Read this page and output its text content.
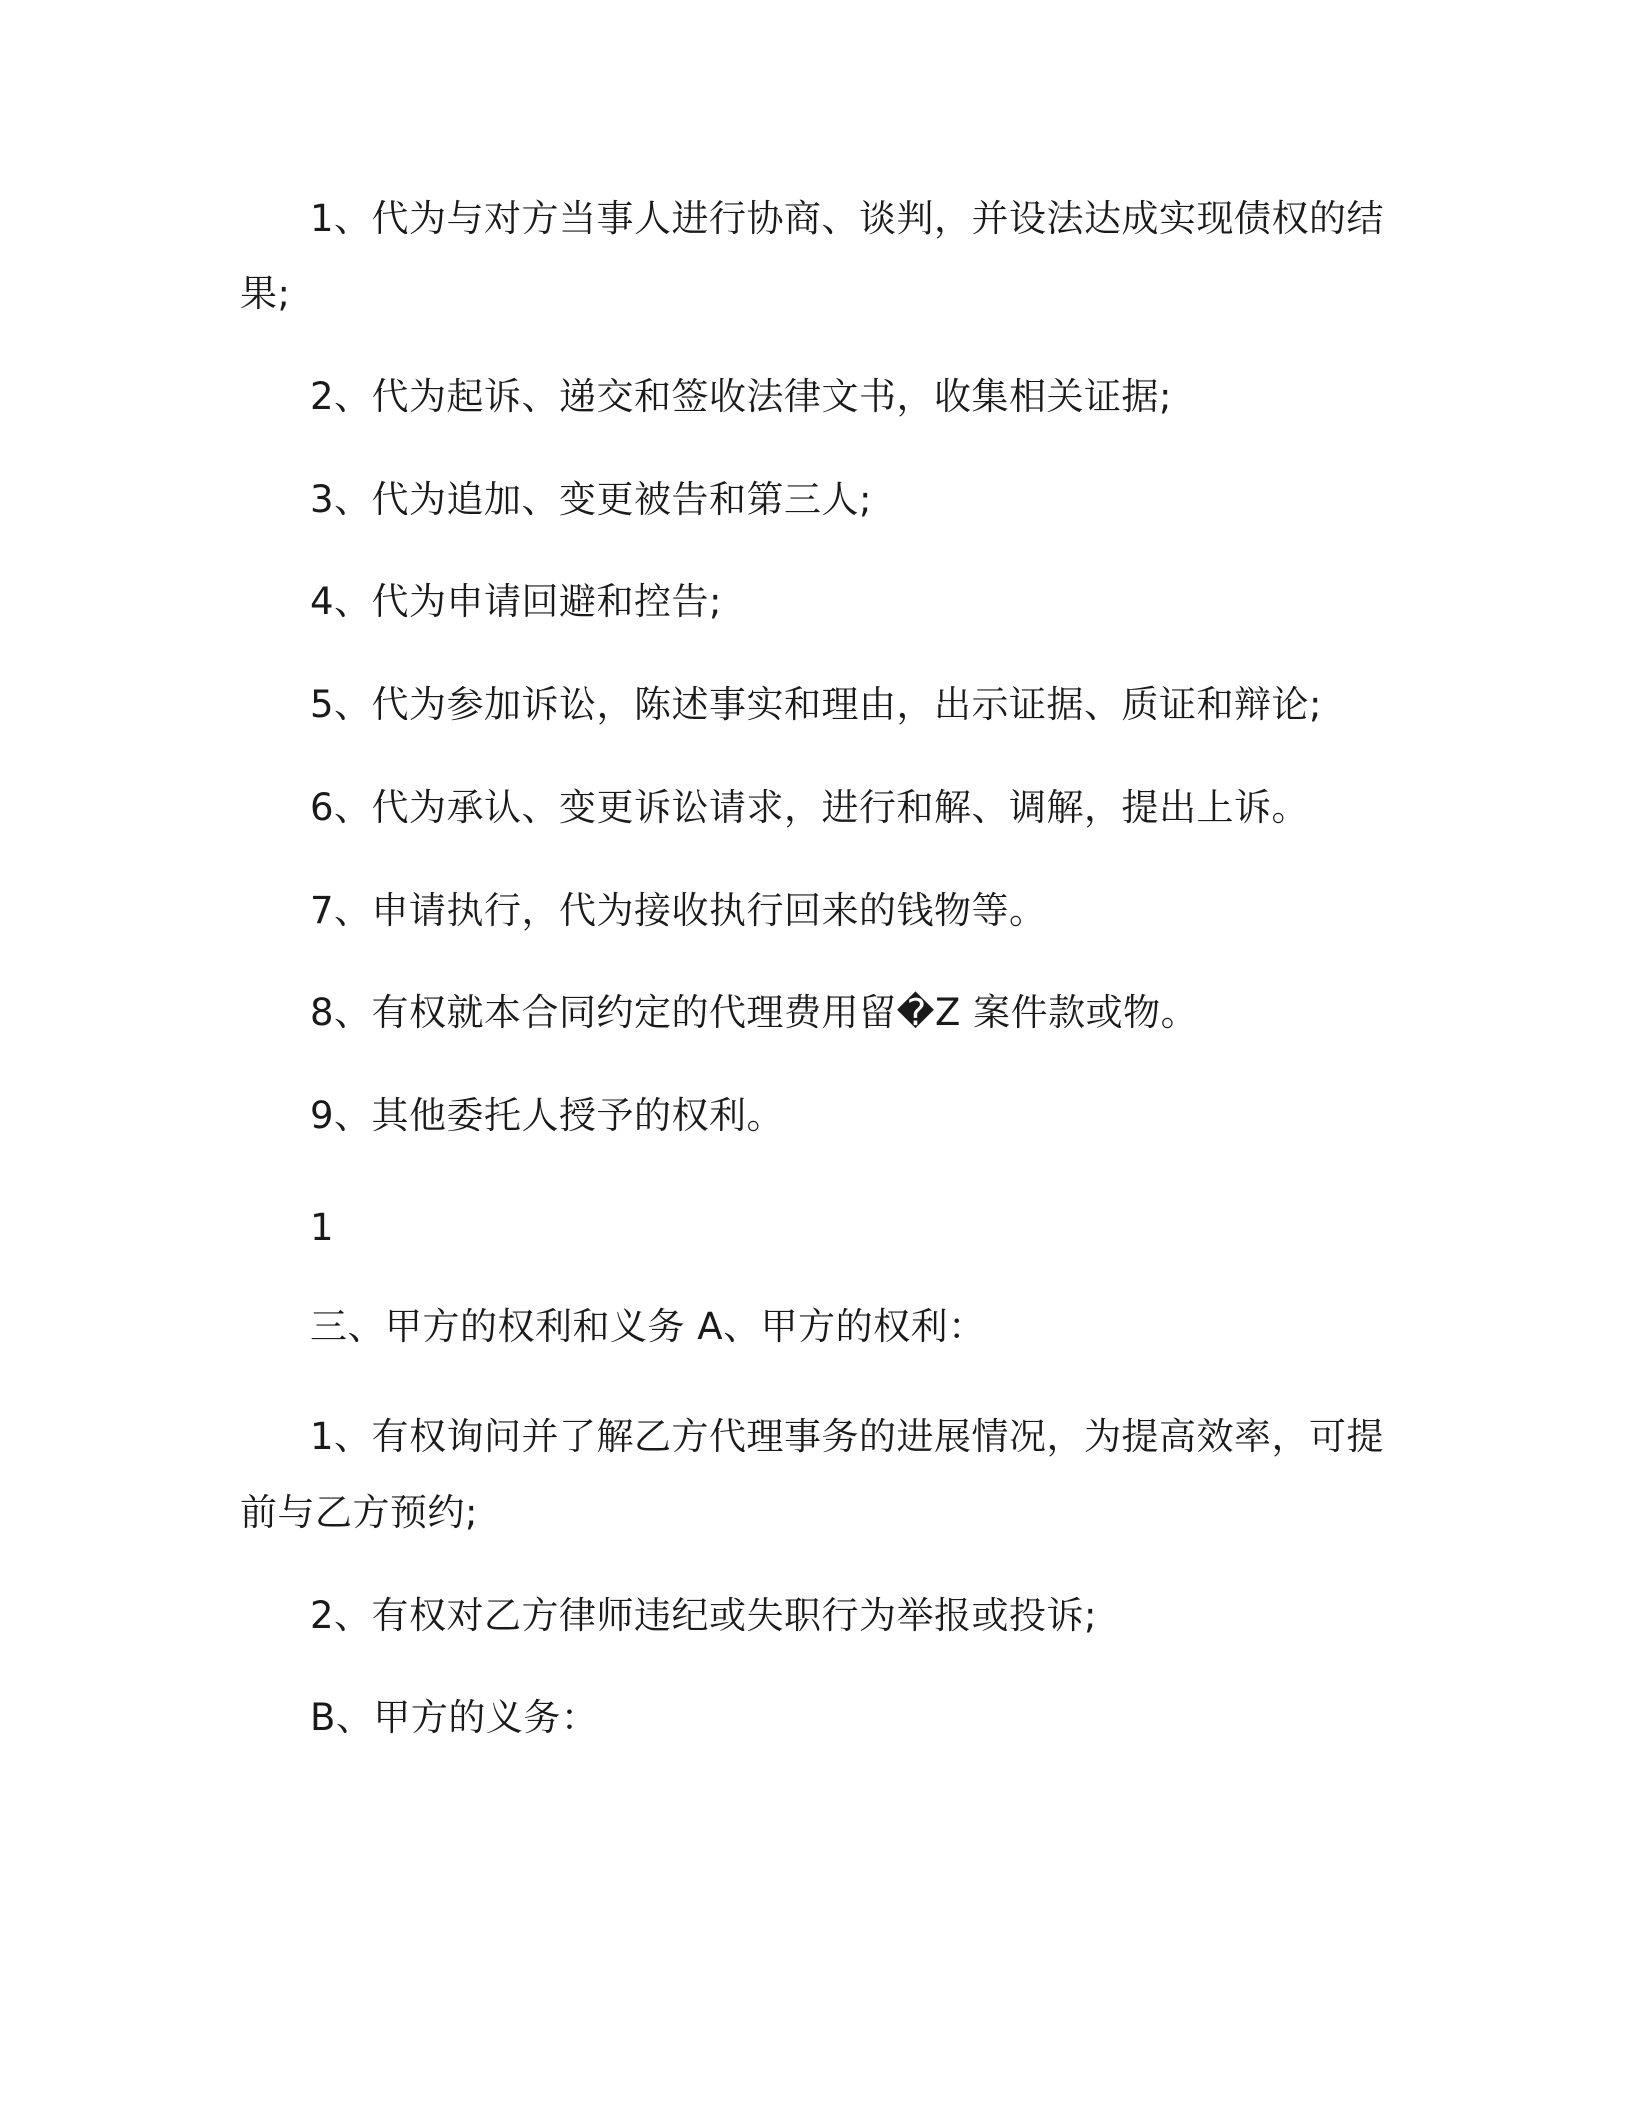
1、代为与对方当事人进行协商、谈判，并设法达成实现债权的结
果;
2、代为起诉、递交和签收法律文书，收集相关证据;
3、代为追加、变更被告和第三人;
4、代为申请回避和控告;
5、代为参加诉讼，陈述事实和理由，出示证据、质证和辩论;
6、代为承认、变更诉讼请求，进行和解、调解，提出上诉。
7、申请执行，代为接收执行回来的钱物等。
8、有权就本合同约定的代理费用留�Z 案件款或物。
9、其他委托人授予的权利。
1
三、甲方的权利和义务 A、甲方的权利：
1、有权询问并了解乙方代理事务的进展情况，为提高效率，可提
前与乙方预约;
2、有权对乙方律师违纪或失职行为举报或投诉;
B、甲方的义务：
